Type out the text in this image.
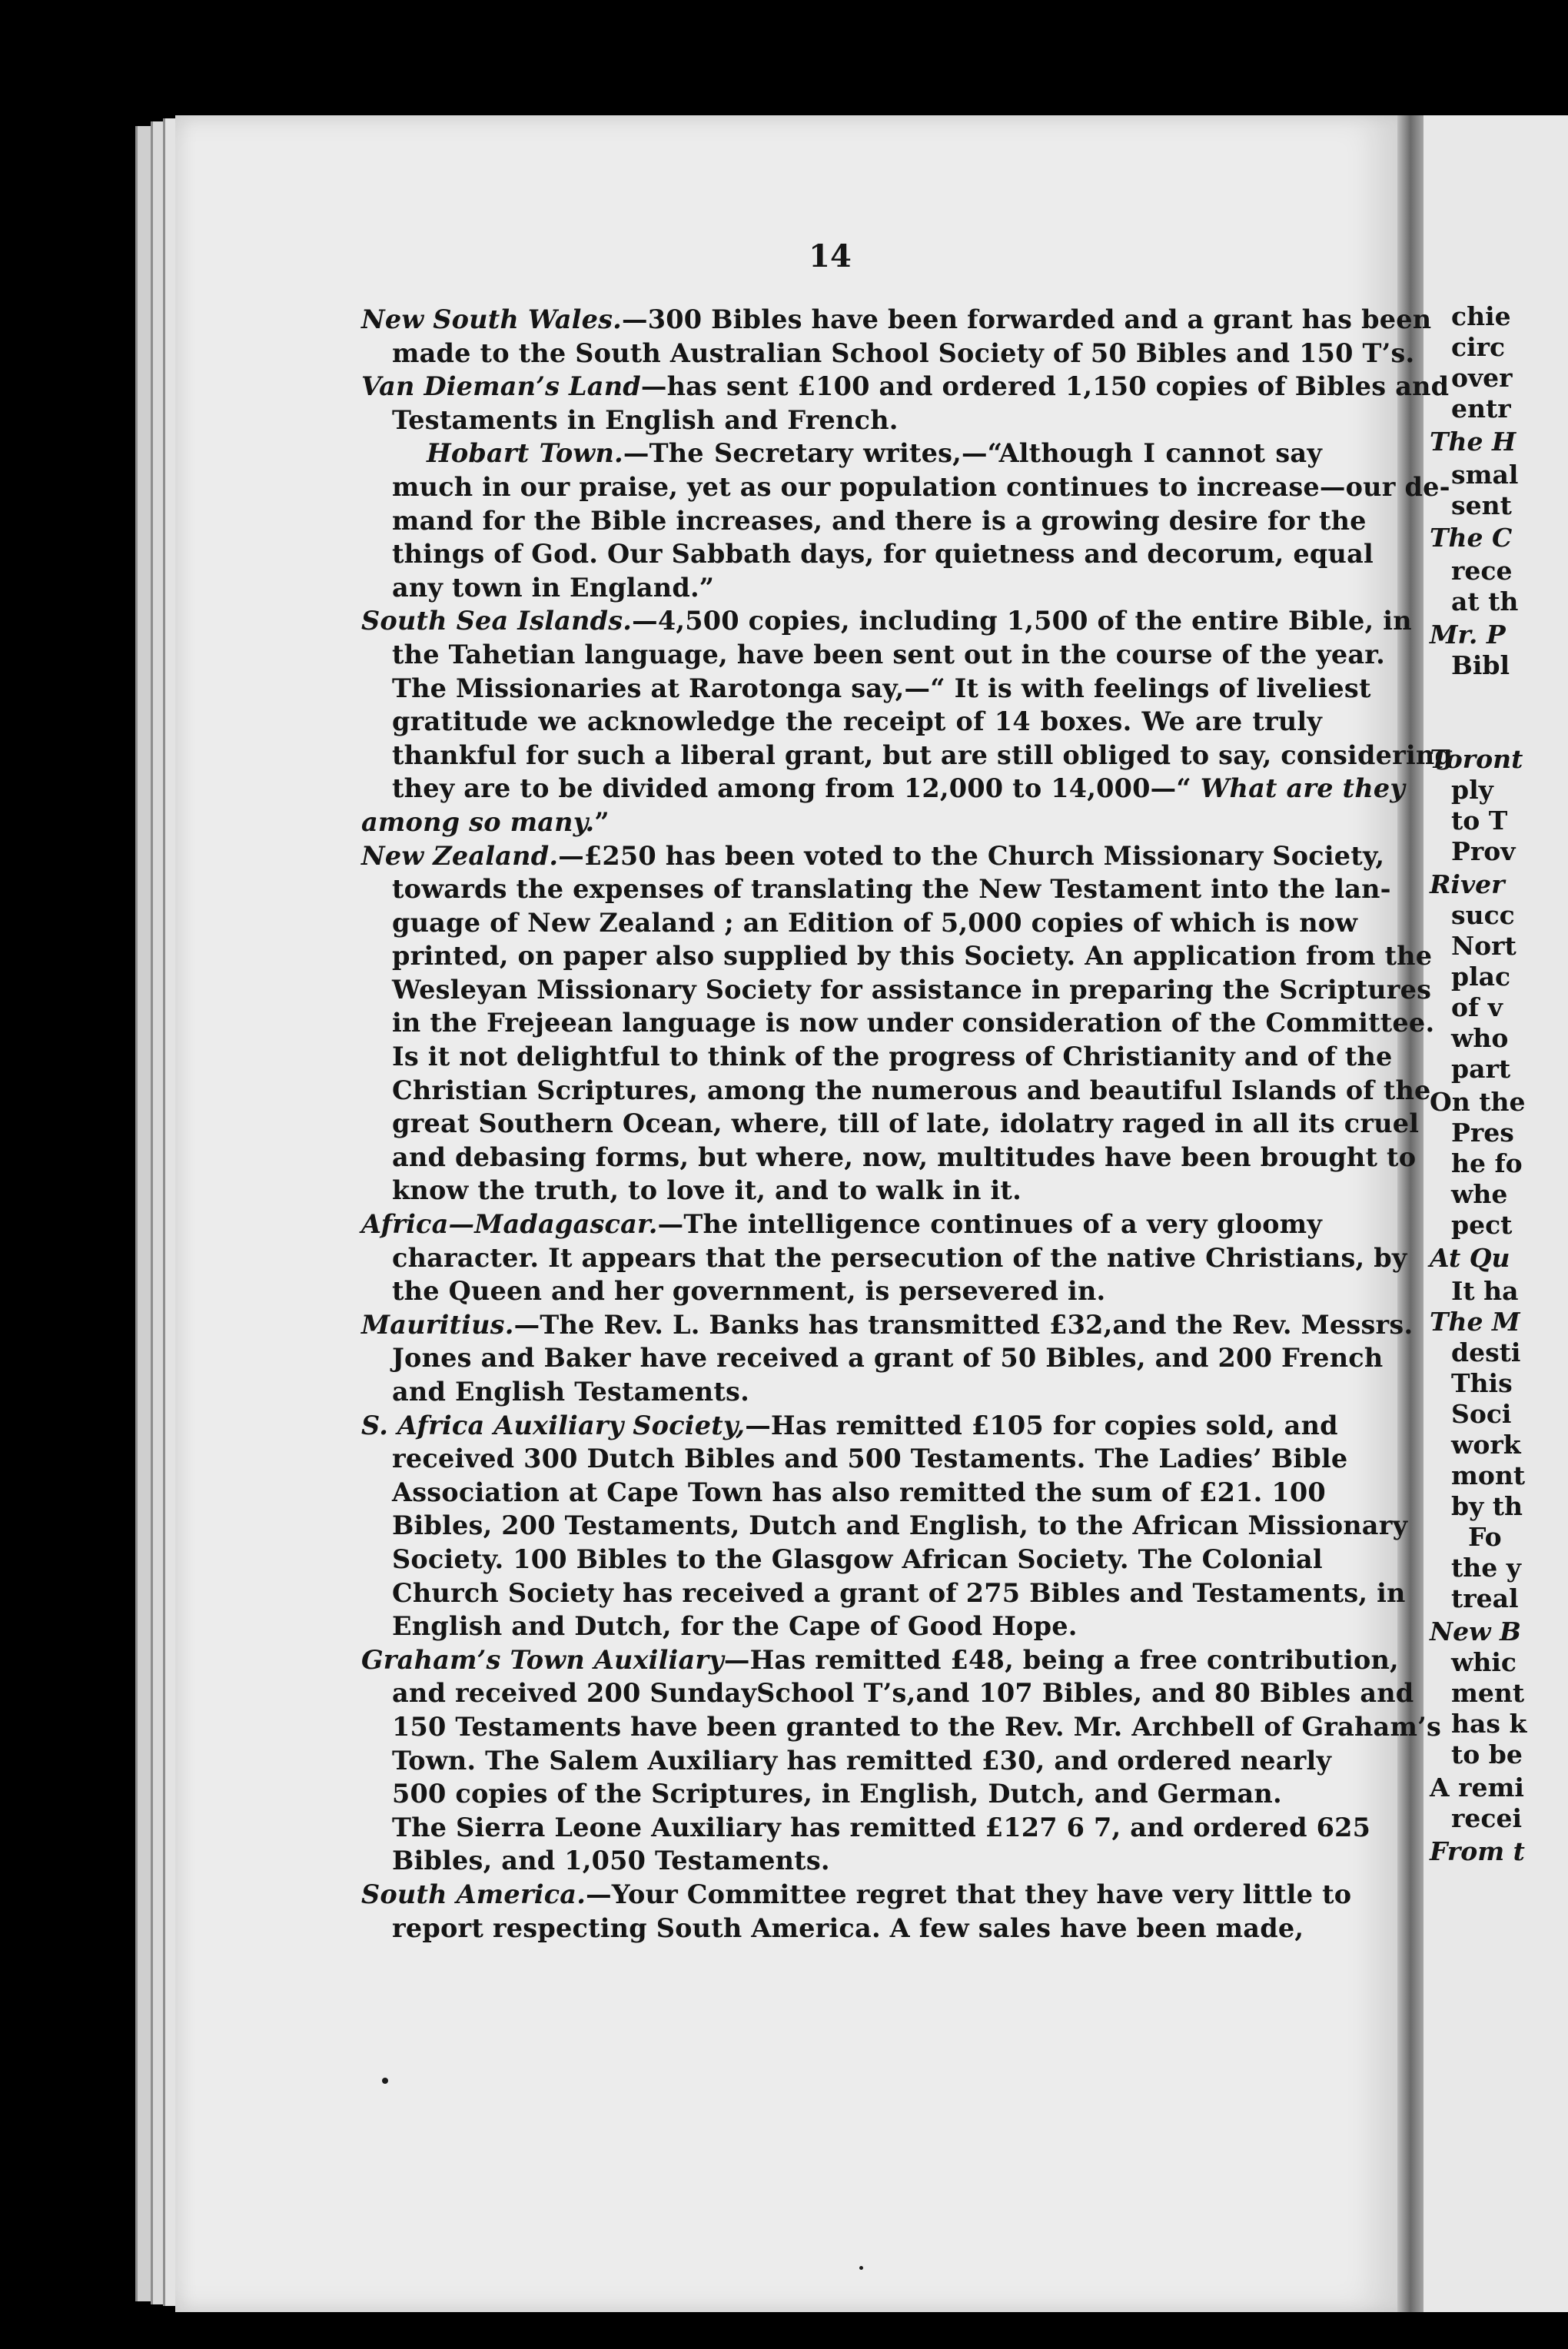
chie
circ
over
entr
The H
smal
sent
The C
rece
at th
Mr. P
Bibl
Toront
ply
to T
Prov
River
succ
Nort
plac
of v
who
part
On the
Pres
he fo
whe
pect
At Qu
It ha
The M
desti
This
Soci
work
mont
by th
Fo
the y
treal
New B
whic
ment
has k
to be
A remi
recei
From t
14
New South Wales.—300 Bibles have been forwarded and a grant has been
made to the South Australian School Society of 50 Bibles and 150 T’s.
Van Dieman’s Land—has sent £100 and ordered 1,150 copies of Bibles and
Testaments in English and French.
Hobart Town.—The Secretary writes,—“Although I cannot say
much in our praise, yet as our population continues to increase—our de-
mand for the Bible increases, and there is a growing desire for the
things of God. Our Sabbath days, for quietness and decorum, equal
any town in England.”
South Sea Islands.—4,500 copies, including 1,500 of the entire Bible, in
the Tahetian language, have been sent out in the course of the year.
The Missionaries at Rarotonga say,—“ It is with feelings of liveliest
gratitude we acknowledge the receipt of 14 boxes. We are truly
thankful for such a liberal grant, but are still obliged to say, considering
they are to be divided among from 12,000 to 14,000—“ What are they
among so many.”
New Zealand.—£250 has been voted to the Church Missionary Society,
towards the expenses of translating the New Testament into the lan-
guage of New Zealand ; an Edition of 5,000 copies of which is now
printed, on paper also supplied by this Society. An application from the
Wesleyan Missionary Society for assistance in preparing the Scriptures
in the Frejeean language is now under consideration of the Committee.
Is it not delightful to think of the progress of Christianity and of the
Christian Scriptures, among the numerous and beautiful Islands of the
great Southern Ocean, where, till of late, idolatry raged in all its cruel
and debasing forms, but where, now, multitudes have been brought to
know the truth, to love it, and to walk in it.
Africa—Madagascar.—The intelligence continues of a very gloomy
character. It appears that the persecution of the native Christians, by
the Queen and her government, is persevered in.
Mauritius.—The Rev. L. Banks has transmitted £32,and the Rev. Messrs.
Jones and Baker have received a grant of 50 Bibles, and 200 French
and English Testaments.
S. Africa Auxiliary Society,—Has remitted £105 for copies sold, and
received 300 Dutch Bibles and 500 Testaments. The Ladies’ Bible
Association at Cape Town has also remitted the sum of £21. 100
Bibles, 200 Testaments, Dutch and English, to the African Missionary
Society. 100 Bibles to the Glasgow African Society. The Colonial
Church Society has received a grant of 275 Bibles and Testaments, in
English and Dutch, for the Cape of Good Hope.
Graham’s Town Auxiliary—Has remitted £48, being a free contribution,
and received 200 SundaySchool T’s,and 107 Bibles, and 80 Bibles and
150 Testaments have been granted to the Rev. Mr. Archbell of Graham’s
Town. The Salem Auxiliary has remitted £30, and ordered nearly
500 copies of the Scriptures, in English, Dutch, and German.
The Sierra Leone Auxiliary has remitted £127 6 7, and ordered 625
Bibles, and 1,050 Testaments.
South America.—Your Committee regret that they have very little to
report respecting South America. A few sales have been made,
